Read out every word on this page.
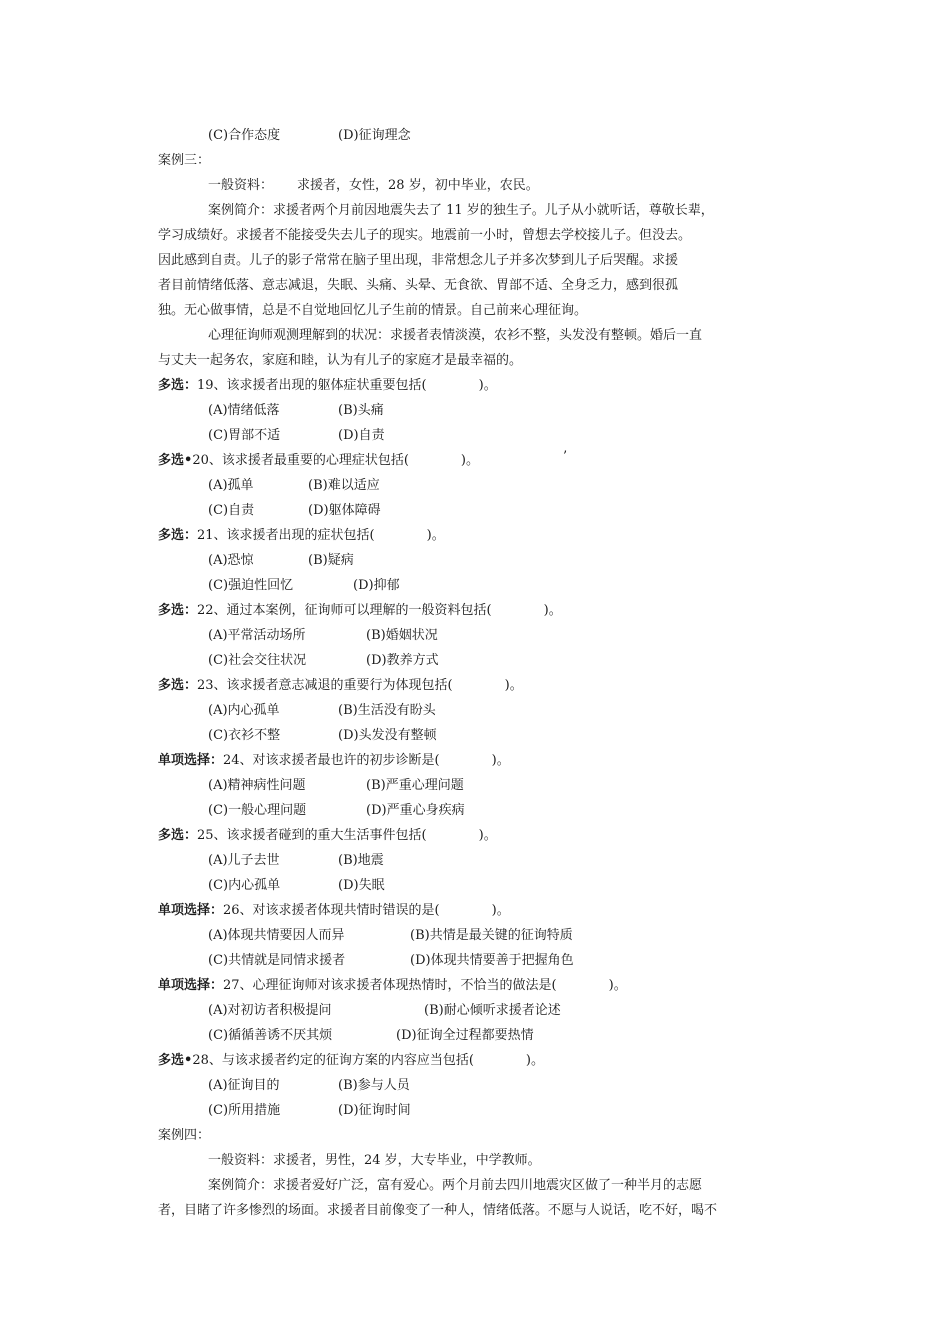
(C)合作态度	(D)征询理念
案例三：
一般资料： 求援者，女性，28 岁，初中毕业，农民。
案例简介：求援者两个月前因地震失去了 11 岁的独生子。儿子从小就听话，尊敬长辈，
学习成绩好。求援者不能接受失去儿子的现实。地震前一小时，曾想去学校接儿子。但没去。
因此感到自责。儿子的影子常常在脑子里出现，非常想念儿子并多次梦到儿子后哭醒。求援
者目前情绪低落、意志减退，失眠、头痛、头晕、无食欲、胃部不适、全身乏力，感到很孤
独。无心做事情，总是不自觉地回忆儿子生前的情景。自己前来心理征询。
心理征询师观测理解到的状况：求援者表情淡漠，农衫不整，头发没有整顿。婚后一直
与丈夫一起务农，家庭和睦，认为有儿子的家庭才是最幸福的。
多选：19、该求援者出现的躯体症状重要包括(　　　　)。
(A)情绪低落	(B)头痛
(C)胃部不适	(D)自责
多选•20、该求援者最重要的心理症状包括(　　　　)。	’
(A)孤单	(B)难以适应
(C)自责	(D)躯体障碍
多选：21、该求援者出现的症状包括(　　　　)。
(A)恐惊	(B)疑病
(C)强迫性回忆	(D)抑郁
多选：22、通过本案例，征询师可以理解的一般资料包括(　　　　)。
(A)平常活动场所	(B)婚姻状况
(C)社会交往状况	(D)教养方式
多选：23、该求援者意志减退的重要行为体现包括(　　　　)。
(A)内心孤单	(B)生活没有盼头
(C)衣衫不整	(D)头发没有整顿
单项选择：24、对该求援者最也许的初步诊断是(　　　　)。
(A)精神病性问题	(B)严重心理问题
(C)一般心理问题	(D)严重心身疾病
多选：25、该求援者碰到的重大生活事件包括(　　　　)。
(A)儿子去世	(B)地震
(C)内心孤单	(D)失眠
单项选择：26、对该求援者体现共情时错误的是(　　　　)。
(A)体现共情要因人而异	(B)共情是最关键的征询特质
(C)共情就是同情求援者	(D)体现共情要善于把握角色
单项选择：27、心理征询师对该求援者体现热情时，不恰当的做法是(　　　　)。
(A)对初访者积极提问	(B)耐心倾听求援者论述
(C)循循善诱不厌其烦	(D)征询全过程都要热情
多选•28、与该求援者约定的征询方案的内容应当包括(　　　　)。
(A)征询目的	(B)参与人员
(C)所用措施	(D)征询时间
案例四：
一般资料：求援者，男性，24 岁，大专毕业，中学教师。
案例简介：求援者爱好广泛，富有爱心。两个月前去四川地震灾区做了一种半月的志愿
者，目睹了许多惨烈的场面。求援者目前像变了一种人，情绪低落。不愿与人说话，吃不好，喝不
